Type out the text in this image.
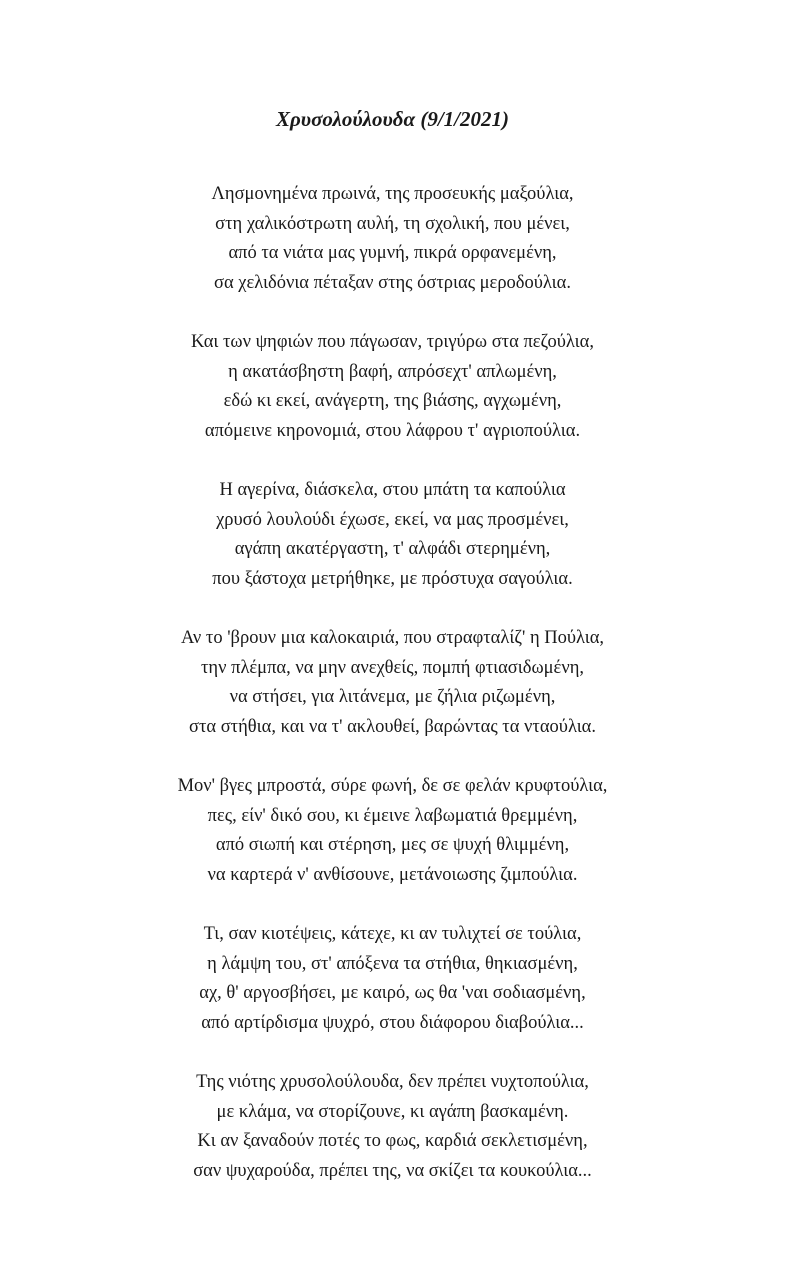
Χρυσολούλουδα (9/1/2021)
Λησμονημένα πρωινά, της προσευκής μαξούλια,
στη χαλικόστρωτη αυλή, τη σχολική, που μένει,
από τα νιάτα μας γυμνή, πικρά ορφανεμένη,
σα χελιδόνια πέταξαν στης όστριας μεροδούλια.
Και των ψηφιών που πάγωσαν, τριγύρω στα πεζούλια,
η ακατάσβηστη βαφή, απρόσεχτ' απλωμένη,
εδώ κι εκεί, ανάγερτη, της βιάσης, αγχωμένη,
απόμεινε κηρονομιά, στου λάφρου τ' αγριοπούλια.
Η αγερίνα, διάσκελα, στου μπάτη τα καπούλια
χρυσό λουλούδι έχωσε, εκεί, να μας προσμένει,
αγάπη ακατέργαστη, τ' αλφάδι στερημένη,
που ξάστοχα μετρήθηκε, με πρόστυχα σαγούλια.
Αν το 'βρουν μια καλοκαιριά, που στραφταλίζ' η Πούλια,
την πλέμπα, να μην ανεχθείς, πομπή φτιασιδωμένη,
να στήσει, για λιτάνεμα, με ζήλια ριζωμένη,
στα στήθια, και να τ' ακλουθεί, βαρώντας τα νταούλια.
Μον' βγες μπροστά, σύρε φωνή, δε σε φελάν κρυφτούλια,
πες, είν' δικό σου, κι έμεινε λαβωματιά θρεμμένη,
από σιωπή και στέρηση, μες σε ψυχή θλιμμένη,
να καρτερά ν' ανθίσουνε, μετάνοιωσης ζιμπούλια.
Τι, σαν κιοτέψεις, κάτεχε, κι αν τυλιχτεί σε τούλια,
η λάμψη του, στ' απόξενα τα στήθια, θηκιασμένη,
αχ, θ' αργοσβήσει, με καιρό, ως θα 'ναι σοδιασμένη,
από αρτίρδισμα ψυχρό, στου διάφορου διαβούλια...
Της νιότης χρυσολούλουδα, δεν πρέπει νυχτοπούλια,
με κλάμα, να στορίζουνε, κι αγάπη βασκαμένη.
Κι αν ξαναδούν ποτές το φως, καρδιά σεκλετισμένη,
σαν ψυχαρούδα, πρέπει της, να σκίζει τα κουκούλια...
